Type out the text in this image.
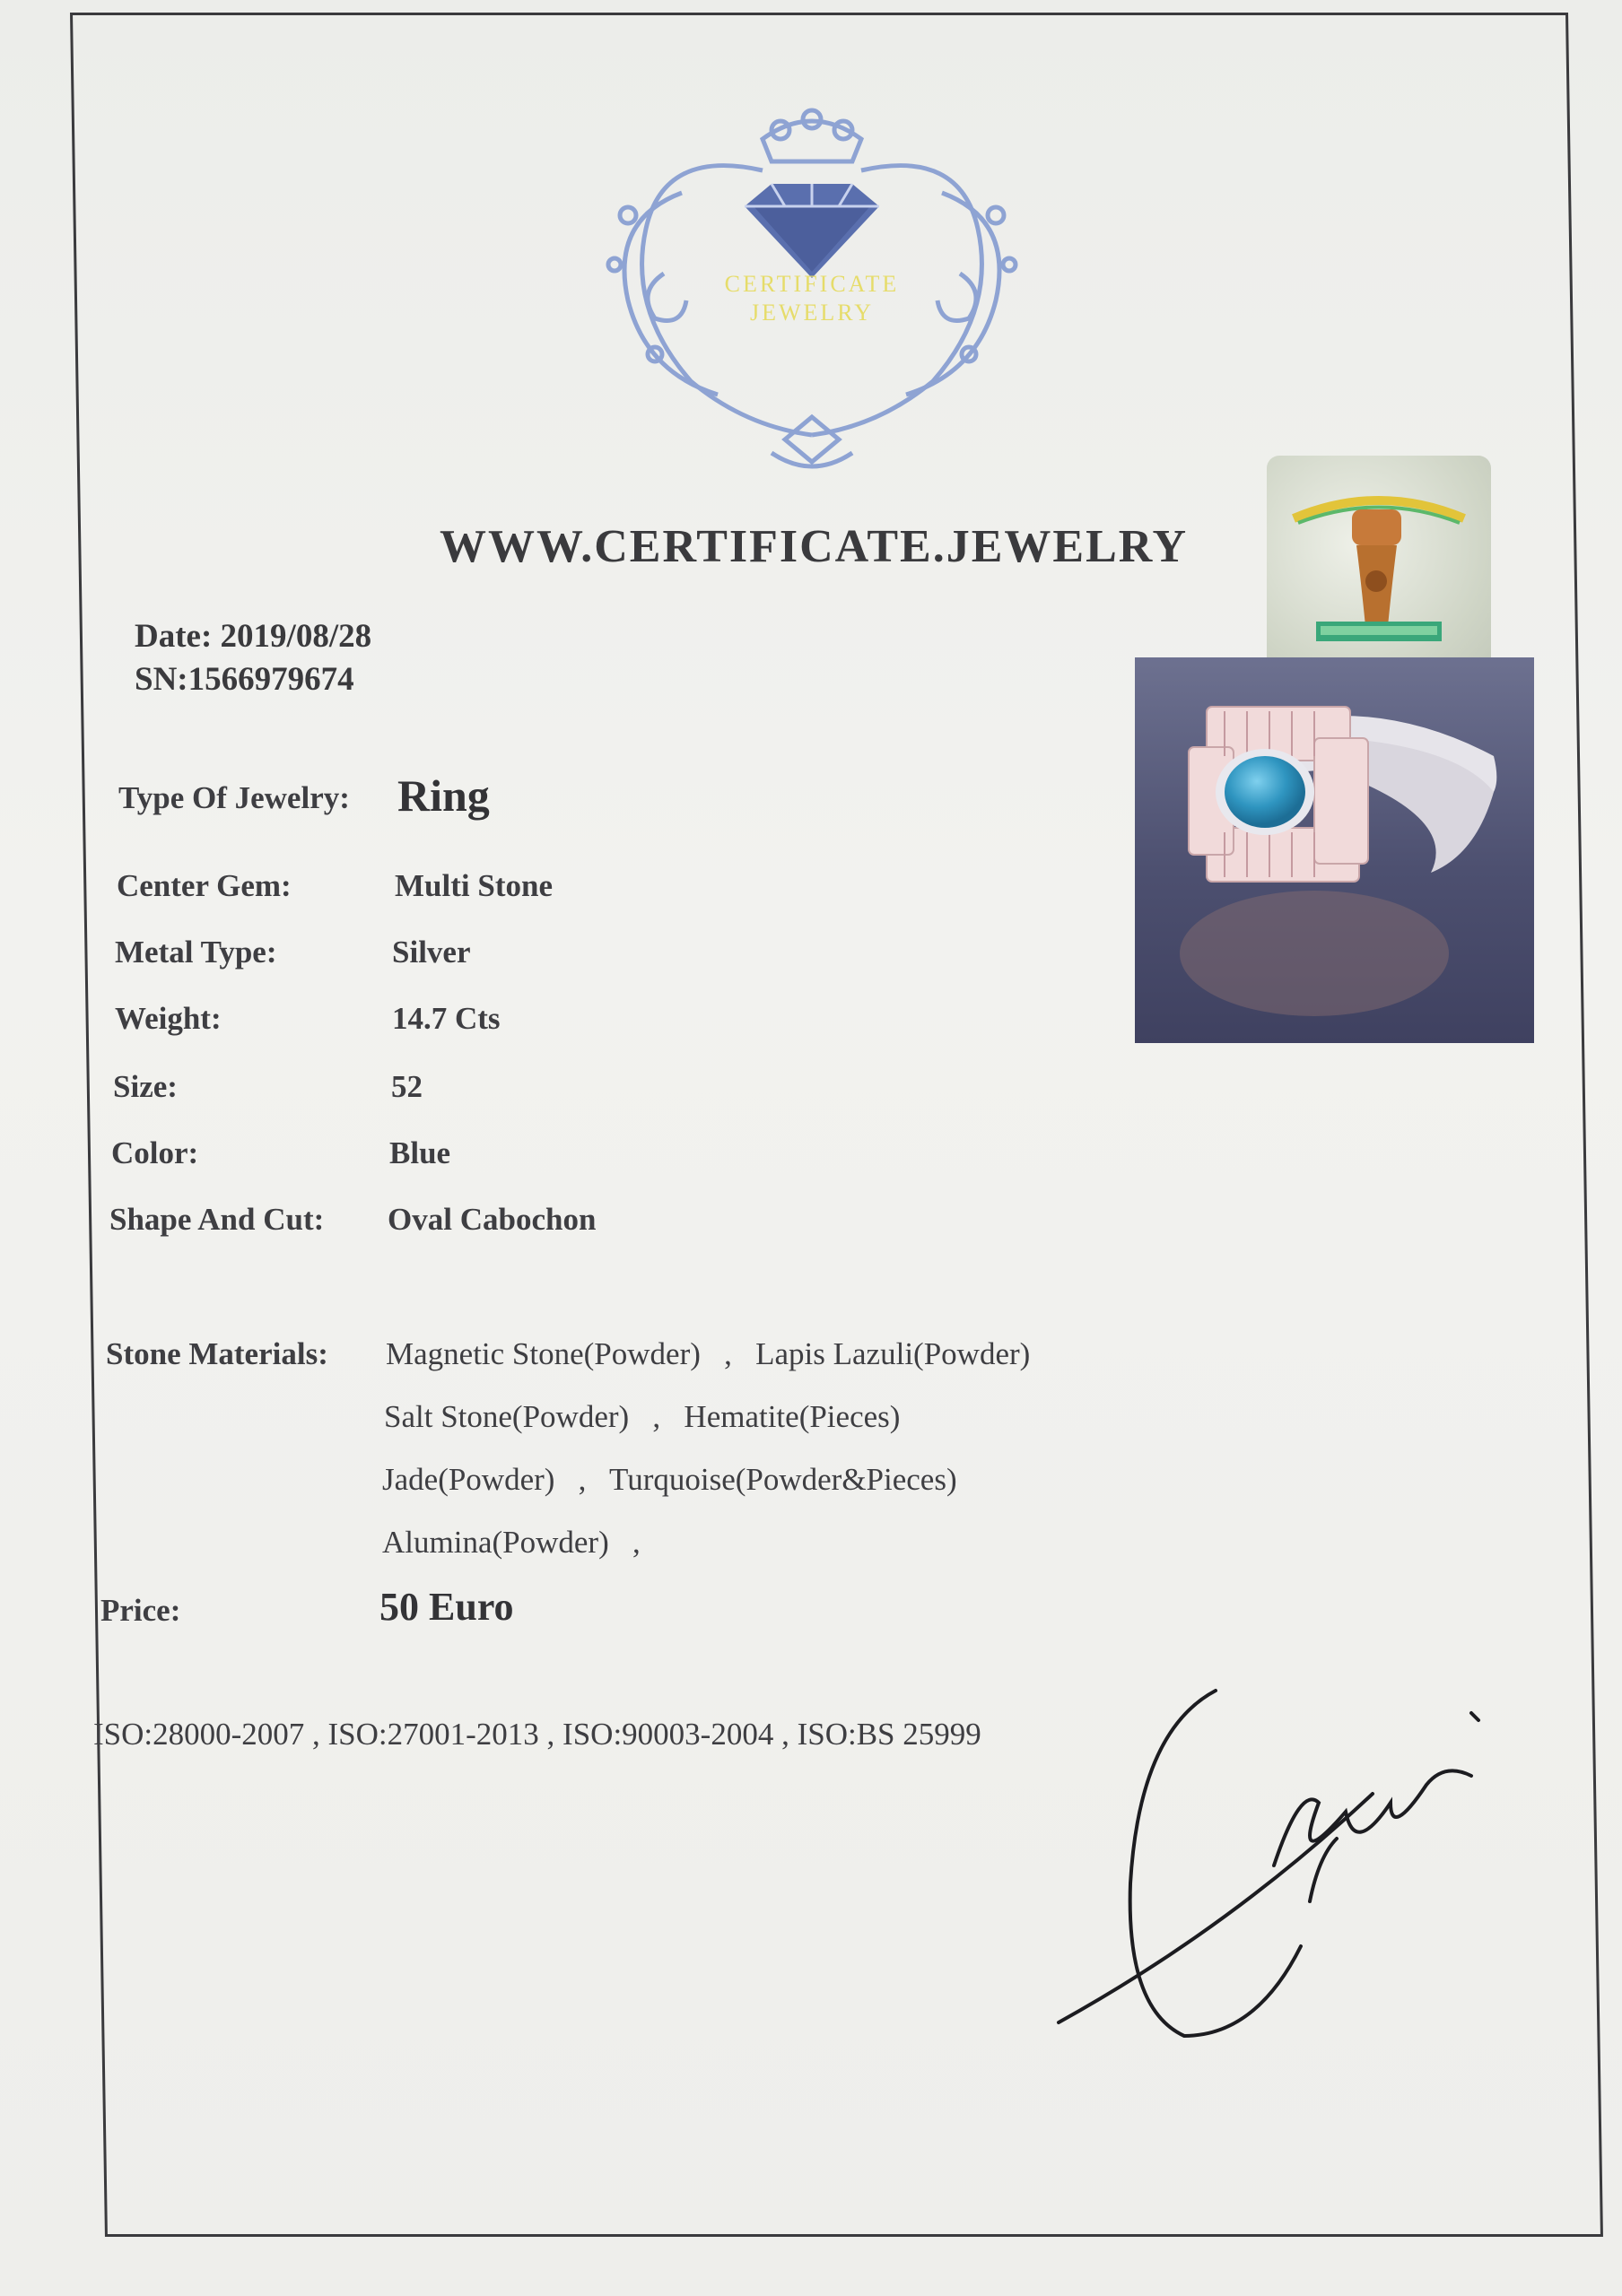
CERTIFICATE
JEWELRY
WWW.CERTIFICATE.JEWELRY
Date: 2019/08/28
SN:1566979674
Type Of Jewelry: Ring
Center Gem:	Multi Stone
Metal Type:	Silver
Weight:	14.7 Cts
Size:	52
Color:	Blue
Shape And Cut: Oval Cabochon
Stone Materials: Magnetic Stone(Powder)   ,   Lapis Lazuli(Powder)
Salt Stone(Powder)   ,   Hematite(Pieces)
Jade(Powder)   ,   Turquoise(Powder&Pieces)
Alumina(Powder)   ,
Price:	50 Euro
ISO:28000-2007 , ISO:27001-2013 , ISO:90003-2004 , ISO:BS 25999
